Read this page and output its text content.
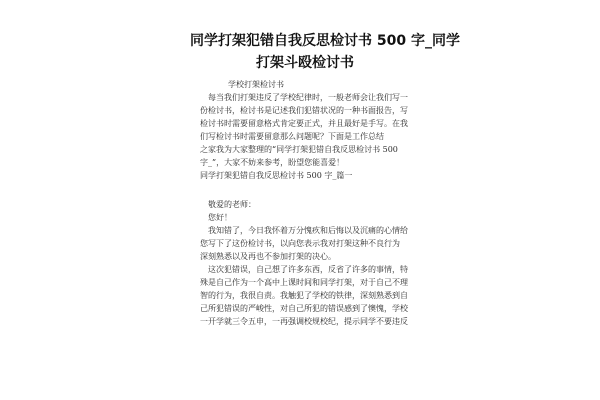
同学打架犯错自我反思检讨书 500 字_同学
打架斗殴检讨书
学校打架检讨书
每当我们打架违反了学校纪律时，一般老师会让我们写一
份检讨书，检讨书是记述我们犯错状况的一种书面报告，写
检讨书时需要留意格式肯定要正式，并且最好是手写。在我
们写检讨书时需要留意那么问题呢？下面是工作总结
之家我为大家整理的“同学打架犯错自我反思检讨书 500
字_”，大家不妨来参考，盼望您能喜爱！
同学打架犯错自我反思检讨书 500 字_篇一
敬爱的老师：
您好！
我知错了，今日我怀着万分愧疚和后悔以及沉痛的心情给
您写下了这份检讨书，以向您表示我对打架这种不良行为
深刻熟悉以及再也不参加打架的决心。
这次犯错误，自己想了许多东西，反省了许多的事情，特
殊是自己作为一个高中上课时间和同学打架，对于自己不理
智的行为，我很自责。我触犯了学校的铁律，深刻熟悉到自
己所犯错误的严峻性，对自己所犯的错误感到了懊愧，学校
一开学就三令五申，一再强调校规校纪，提示同学不要违反
